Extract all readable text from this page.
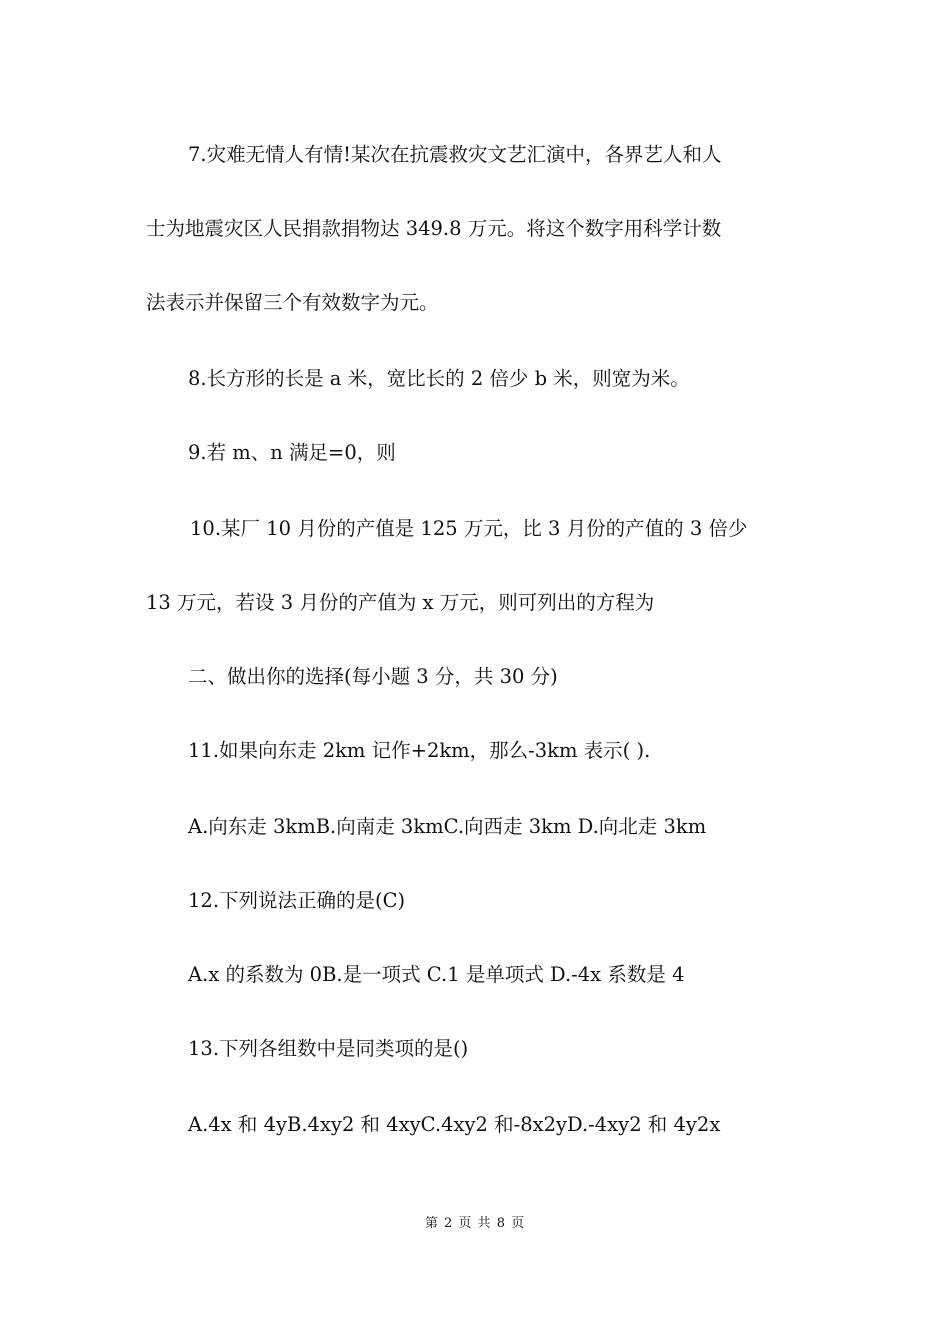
7.灾难无情人有情!某次在抗震救灾文艺汇演中，各界艺人和人
士为地震灾区人民捐款捐物达 349.8 万元。将这个数字用科学计数
法表示并保留三个有效数字为元。
8.长方形的长是 a 米，宽比长的 2 倍少 b 米，则宽为米。
9.若 m、n 满足=0，则
10.某厂 10 月份的产值是 125 万元，比 3 月份的产值的 3 倍少
13 万元，若设 3 月份的产值为 x 万元，则可列出的方程为
二、做出你的选择(每小题 3 分，共 30 分)
11.如果向东走 2km 记作+2km，那么-3km 表示( ).
A.向东走 3kmB.向南走 3kmC.向西走 3km D.向北走 3km
12.下列说法正确的是(C)
A.x 的系数为 0B.是一项式 C.1 是单项式 D.-4x 系数是 4
13.下列各组数中是同类项的是()
A.4x 和 4yB.4xy2 和 4xyC.4xy2 和-8x2yD.-4xy2 和 4y2x
第 2 页 共 8 页
